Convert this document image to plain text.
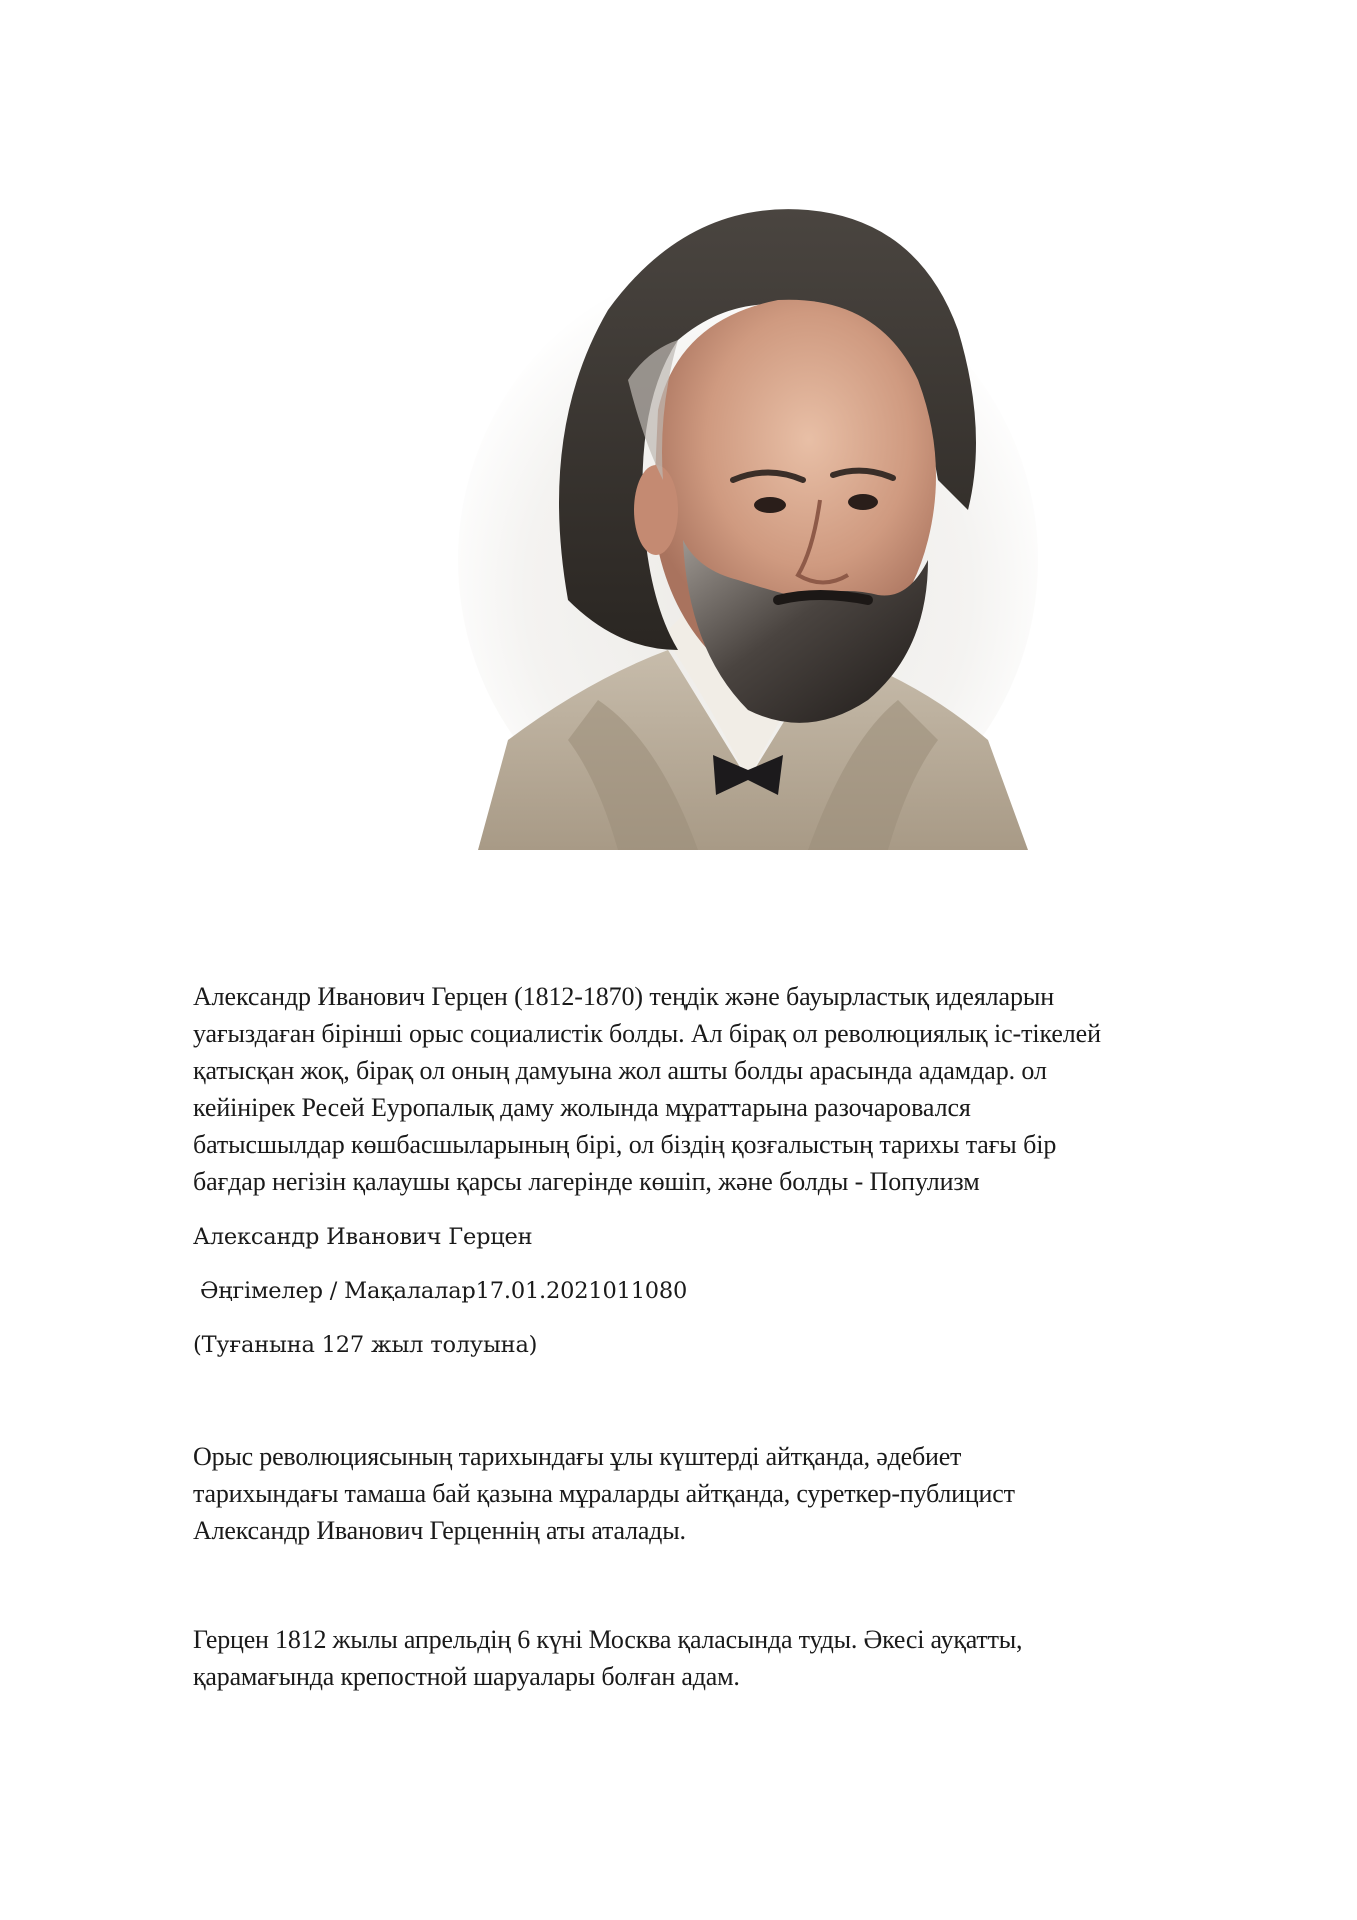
Александр Иванович Герцен (1812-1870) теңдік және бауырластық идеяларын

уағыздаған бірінші орыс социалистік болды. Ал бірақ ол революциялық іс-тікелей

қатысқан жоқ, бірақ ол оның дамуына жол ашты болды арасында адамдар. ол

кейінірек Ресей Еуропалық даму жолында мұраттарына разочаровался

батысшылдар көшбасшыларының бірі, ол біздің қозғалыстың тарихы тағы бір

бағдар негізін қалаушы қарсы лагерінде көшіп, және болды - Популизм

Александр Иванович Герцен

Әңгімелер / Мақалалар17.01.2021011080

(Туғанына 127 жыл толуына)

Орыс революциясының тарихындағы ұлы күштерді айтқанда, әдебиет

тарихындағы тамаша бай қазына мұраларды айтқанда, суреткер-публицист

Александр Иванович Герценнің аты аталады.

Герцен 1812 жылы апрельдің 6 күні Москва қаласында туды. Әкесі ауқатты,

қарамағында крепостной шаруалары болған адам.
